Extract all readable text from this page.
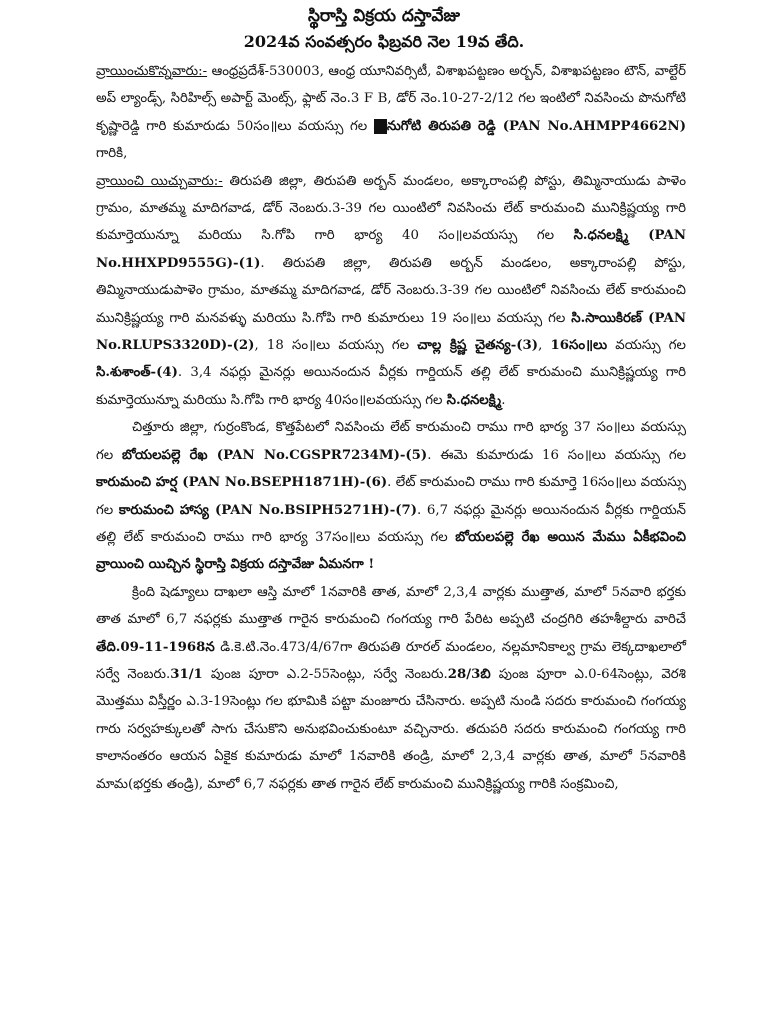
స్థిరాస్తి విక్రయ దస్తావేజు
2024వ సంవత్సరం ఫిబ్రవరి నెల 19వ తేది.

వ్రాయించుకొన్నవారు:- ఆంధ్రప్రదేశ్-530003, ఆంధ్ర యూనివర్సిటీ, విశాఖపట్టణం అర్బన్, విశాఖపట్టణం టౌన్, వాల్టేర్ అప్ ల్యాండ్స్, సిరిహిల్స్ అపార్ట్ మెంట్స్, ఫ్లాట్ నెం.3 F B, డోర్ నెం.10-27-2/12 గల ఇంటిలో నివసించు పొనుగోటి కృష్ణారెడ్డి గారి కుమారుడు 50సం॥లు వయస్సు గల పొనుగోటి తిరుపతి రెడ్డి (PAN No.AHMPP4662N) గారికి,

వ్రాయించి యిచ్చువారు:- తిరుపతి జిల్లా, తిరుపతి అర్బన్ మండలం, అక్కారాంపల్లి పోస్టు, తిమ్మినాయుడు పాళెం గ్రామం, మాతమ్మ మాదిగవాడ, డోర్ నెంబరు.3-39 గల యింటిలో నివసించు లేట్ కారుమంచి మునిక్రిష్ణయ్య గారి కుమార్తెయున్నూ మరియు సి.గోపి గారి భార్య 40 సం॥లవయస్సు గల సి.ధనలక్ష్మి (PAN No.HHXPD9555G)-(1). తిరుపతి జిల్లా, తిరుపతి అర్బన్ మండలం, అక్కారాంపల్లి పోస్టు, తిమ్మినాయుడుపాళెం గ్రామం, మాతమ్మ మాదిగవాడ, డోర్ నెంబరు.3-39 గల యింటిలో నివసించు లేట్ కారుమంచి మునిక్రిష్ణయ్య గారి మనవళ్ళు మరియు సి.గోపి గారి కుమారులు 19 సం॥లు వయస్సు గల సి.సాయికిరణ్ (PAN No.RLUPS3320D)-(2), 18 సం॥లు వయస్సు గల చాల్ల క్రిష్ణ చైతన్య-(3), 16సం॥లు వయస్సు గల సి.శుశాంత్-(4). 3,4 నఫర్లు మైనర్లు అయినందున వీర్లకు గార్డియన్ తల్లి లేట్ కారుమంచి మునిక్రిష్ణయ్య గారి కుమార్తెయున్నూ మరియు సి.గోపి గారి భార్య 40సం॥లవయస్సు గల సి.ధనలక్ష్మి.

చిత్తూరు జిల్లా, గుర్రంకొండ, కొత్తపేటలో నివసించు లేట్ కారుమంచి రాము గారి భార్య 37 సం॥లు వయస్సు గల బోయలపల్లె రేఖ (PAN No.CGSPR7234M)-(5). ఈమె కుమారుడు 16 సం॥లు వయస్సు గల కారుమంచి హర్ష (PAN No.BSEPH1871H)-(6). లేట్ కారుమంచి రాము గారి కుమార్తె 16సం॥లు వయస్సు గల కారుమంచి హాస్య (PAN No.BSIPH5271H)-(7). 6,7 నఫర్లు మైనర్లు అయినందున వీర్లకు గార్డియన్ తల్లి లేట్ కారుమంచి రాము గారి భార్య 37సం॥లు వయస్సు గల బోయలపల్లె రేఖ అయిన మేము ఏకీభవించి వ్రాయించి యిచ్చిన స్థిరాస్తి విక్రయ దస్తావేజు ఏమనగా !

క్రింది షెడ్యూలు దాఖలా ఆస్తి మాలో 1నవారికి తాత, మాలో 2,3,4 వార్లకు ముత్తాత, మాలో 5నవారి భర్తకు తాత మాలో 6,7 నఫర్లకు ముత్తాత గారైన కారుమంచి గంగయ్య గారి పేరిట అప్పటి చంద్రగిరి తహశీల్దారు వారిచే తేది.09-11-1968న డి.కె.టి.నెం.473/4/67గా తిరుపతి రూరల్ మండలం, నల్లమానికాల్వ గ్రామ లెక్కదాఖలాలో సర్వే నెంబరు.31/1 పుంజ పూరా ఎ.2-55సెంట్లు, సర్వే నెంబరు.28/3బి పుంజ పూరా ఎ.0-64సెంట్లు, వెరశి మొత్తము విస్తీర్ణం ఎ.3-19సెంట్లు గల భూమికి పట్టా మంజూరు చేసినారు. అప్పటి నుండి సదరు కారుమంచి గంగయ్య గారు సర్వహక్కులతో సాగు చేసుకొని అనుభవించుకుంటూ వచ్చినారు. తదుపరి సదరు కారుమంచి గంగయ్య గారి కాలానంతరం ఆయన ఏకైక కుమారుడు మాలో 1నవారికి తండ్రి, మాలో 2,3,4 వార్లకు తాత, మాలో 5నవారికి మామ(భర్తకు తండ్రి), మాలో 6,7 నఫర్లకు తాత గారైన లేట్ కారుమంచి మునిక్రిష్ణయ్య గారికి సంక్రమించి,
